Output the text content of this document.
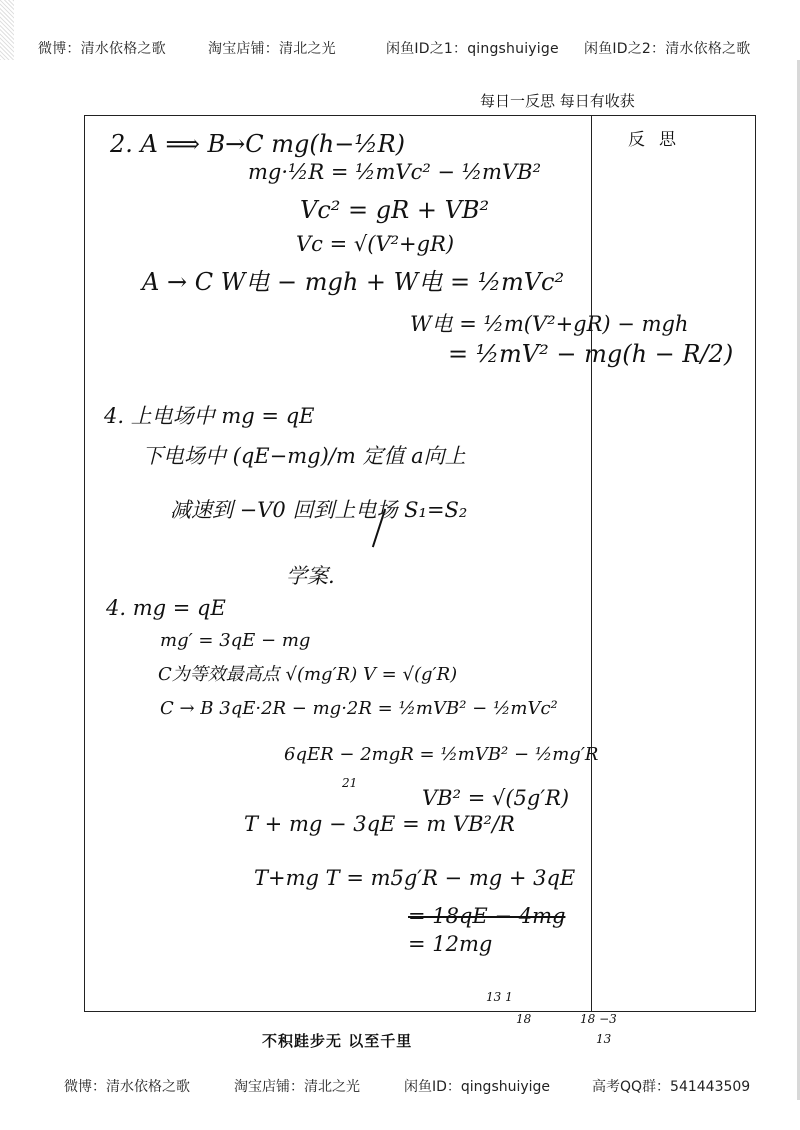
微博：清水依格之歌	淘宝店铺：清北之光	闲鱼ID之1：qingshuiyige 闲鱼ID之2：清水依格之歌
每日一反思 每日有收获
反思
2. A ⟹ B→C mg(h−½R)
mg·½R = ½mVc² − ½mVB²
Vc² = gR + VB²
Vc = √(V²+gR)
A → C W电 − mgh + W电 = ½mVc²
W电 = ½m(V²+gR) − mgh
= ½mV² − mg(h − R/2)
4. 上电场中 mg = qE
下电场中 (qE−mg)/m 定值 a向上
减速到 −V0 回到上电场 S₁=S₂
学案.
4. mg = qE
mg′ = 3qE − mg
C为等效最高点 √(mg′R) V = √(g′R)
C → B 3qE·2R − mg·2R = ½mVB² − ½mVc²
6qER − 2mgR = ½mVB² − ½mg′R
VB² = √(5g′R)
T + mg − 3qE = m VB²/R
T+mg T = m5g′R − mg + 3qE
= 18qE − 4mg
= 12mg
21
13 1
18	18 −3
13
不积跬步无 以至千里
微博：清水依格之歌	淘宝店铺：清北之光	闲鱼ID：qingshuiyige	高考QQ群：541443509
